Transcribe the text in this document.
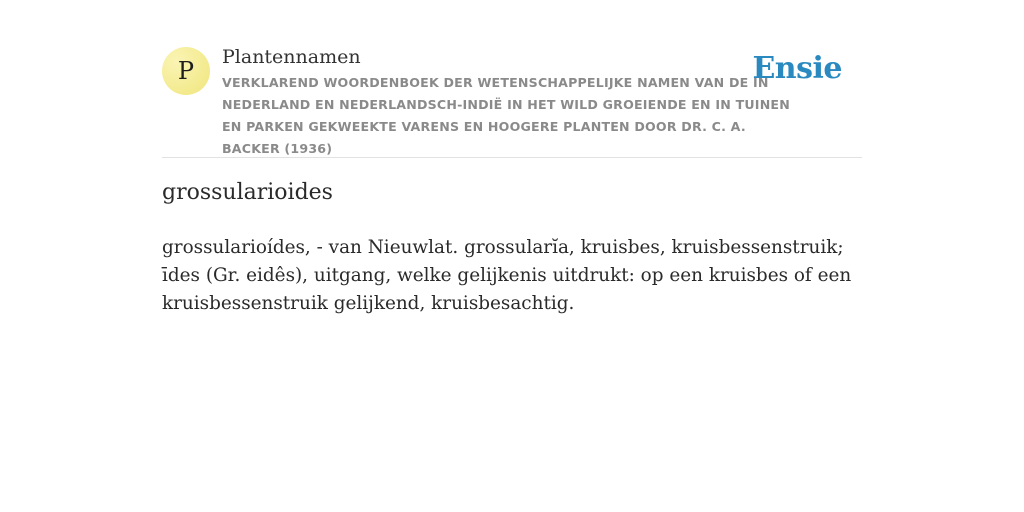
P	Plantennamen
VERKLAREND WOORDENBOEK DER WETENSCHAPPELIJKE NAMEN VAN DE IN NEDERLAND EN NEDERLANDSCH-INDIË IN HET WILD GROEIENDE EN IN TUINEN EN PARKEN GEKWEEKTE VARENS EN HOOGERE PLANTEN DOOR DR. C. A. BACKER (1936)
Ensie
grossularioides

grossularioídes, - van Nieuwlat. grossularĭa, kruisbes, kruisbessenstruik; īdes (Gr. eidês), uitgang, welke gelijkenis uitdrukt: op een kruisbes of een kruisbessenstruik gelijkend, kruisbesachtig.
